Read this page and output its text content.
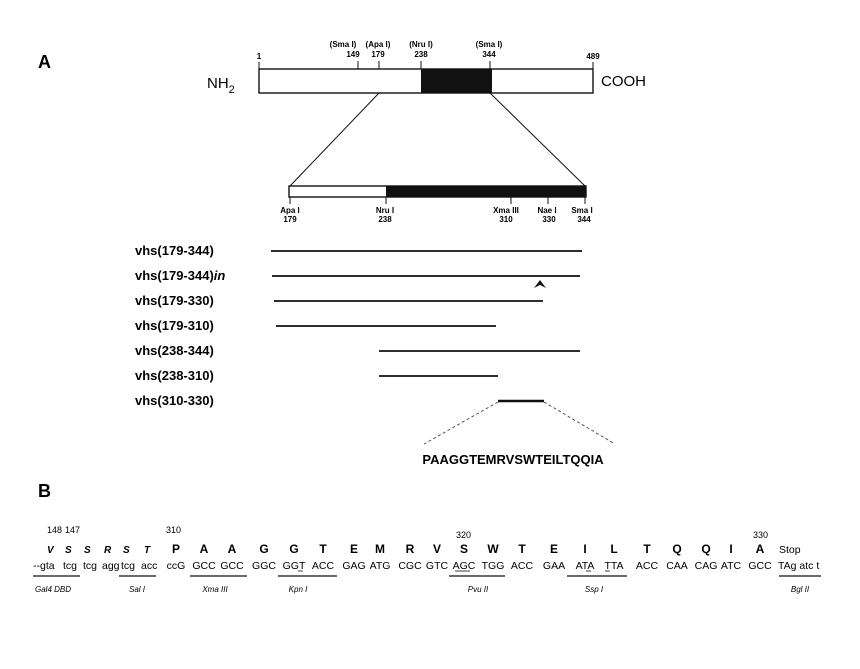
A
$NH_2$	COOH
1	489
(Sma I)
149
(Apa I)
179
(Nru I)
238
(Sma I)
344
Apa I
179
Nru I
238
Xma III
310
Nae I
330
Sma I
344
vhs(179-344)
vhs(179-344)in
vhs(179-330)
vhs(179-310)
vhs(238-344)
vhs(238-310)
vhs(310-330)
PAAGGTEMRVSWTEILTQQIA
B
148 147	310	320	330
V S S R S T P A A G G T E M R V S W T E I L T Q Q I A Stop
--gta tcg tcg agg tcg acc ccG GCC GCC GGC GGT ACC GAG ATG CGC GTC AGC TGG ACC GAA ATA TTA ACC CAA CAG ATC GCC TAg atc t
Gal4 DBD	Sal I	Xma III	Kpn I	Pvu II	Ssp I	Bgl II
